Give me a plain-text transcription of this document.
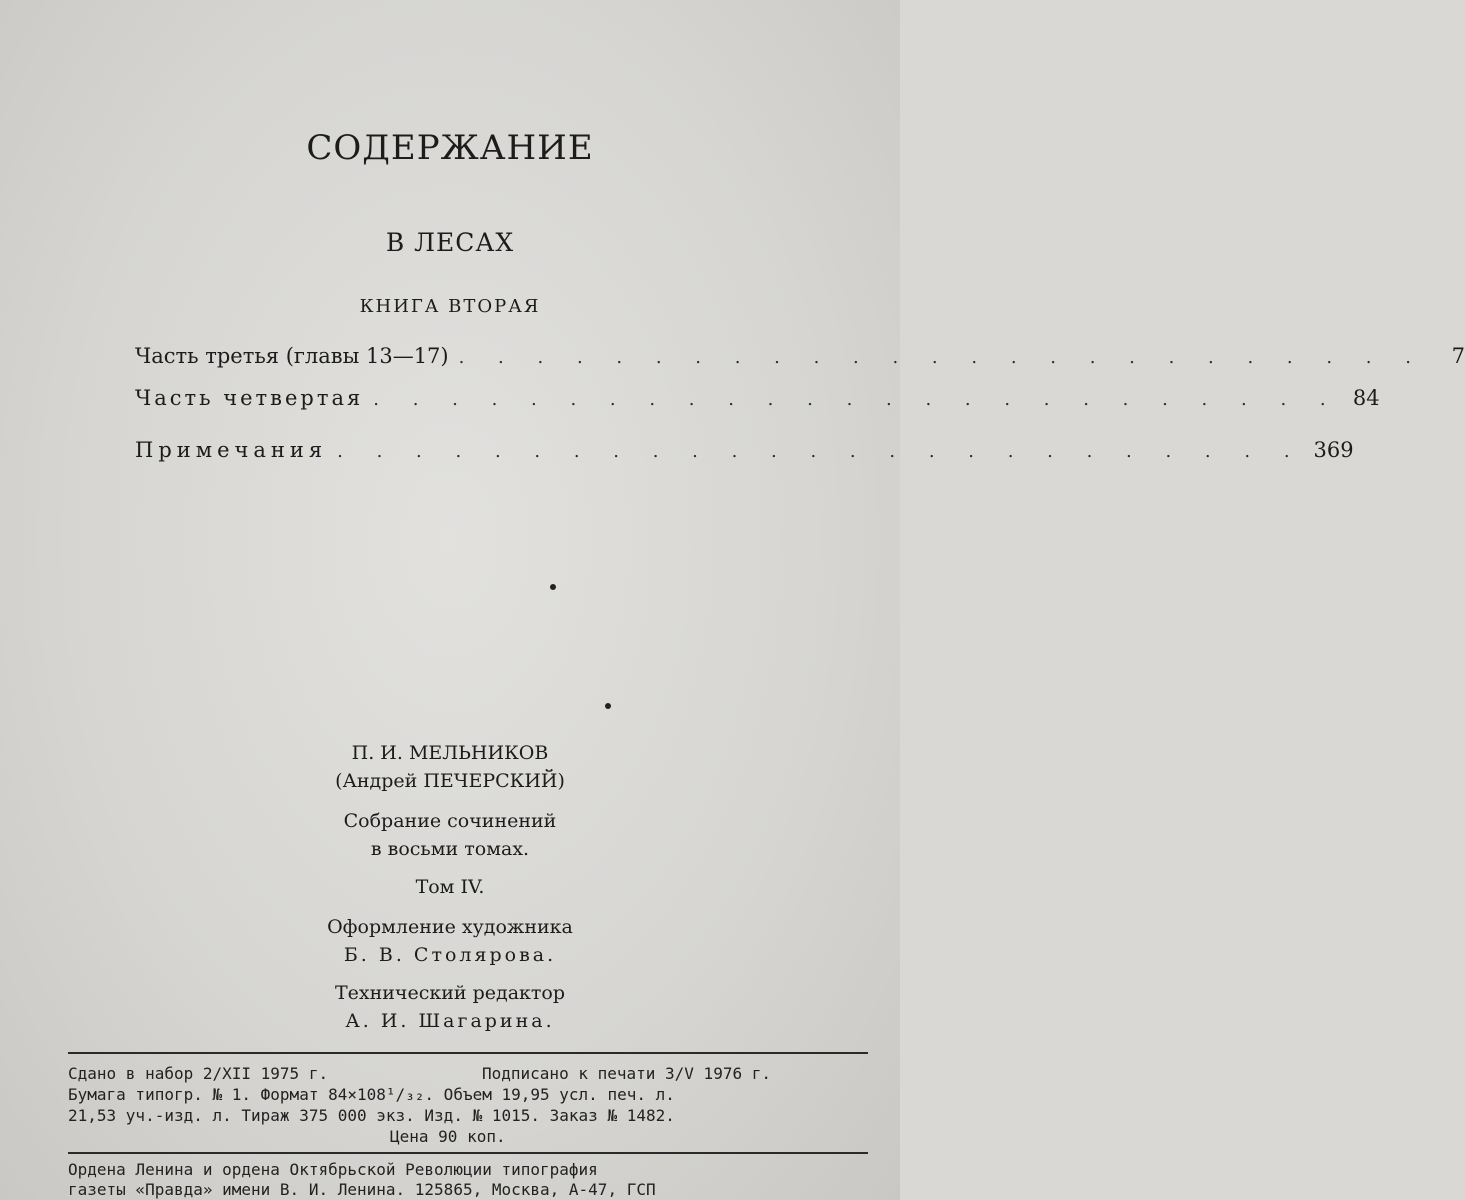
СОДЕРЖАНИЕ
В ЛЕСАХ
КНИГА ВТОРАЯ
Часть третья (главы 13—17) . . . . . . . . . . . . . . . . . . . . . . . . .	7
Часть четвертая . . . . . . . . . . . . . . . . . . . . . . . . . 84
Примечания . . . . . . . . . . . . . . . . . . . . . . . . . 369
П. И. МЕЛЬНИКОВ
(Андрей ПЕЧЕРСКИЙ)
Собрание сочинений
в восьми томах.
Том IV.
Оформление художника
Б. В. Столярова.
Технический редактор
А. И. Шагарина.
Сдано в набор 2/XII 1975 г.	Подписано к печати 3/V 1976 г.
Бумага типогр. № 1. Формат 84×108¹/₃₂. Объем 19,95 усл. печ. л.
21,53 уч.-изд. л. Тираж 375 000 экз. Изд. № 1015. Заказ № 1482.
Цена 90 коп.
Ордена Ленина и ордена Октябрьской Революции типография
газеты «Правда» имени В. И. Ленина. 125865, Москва, А-47, ГСП
